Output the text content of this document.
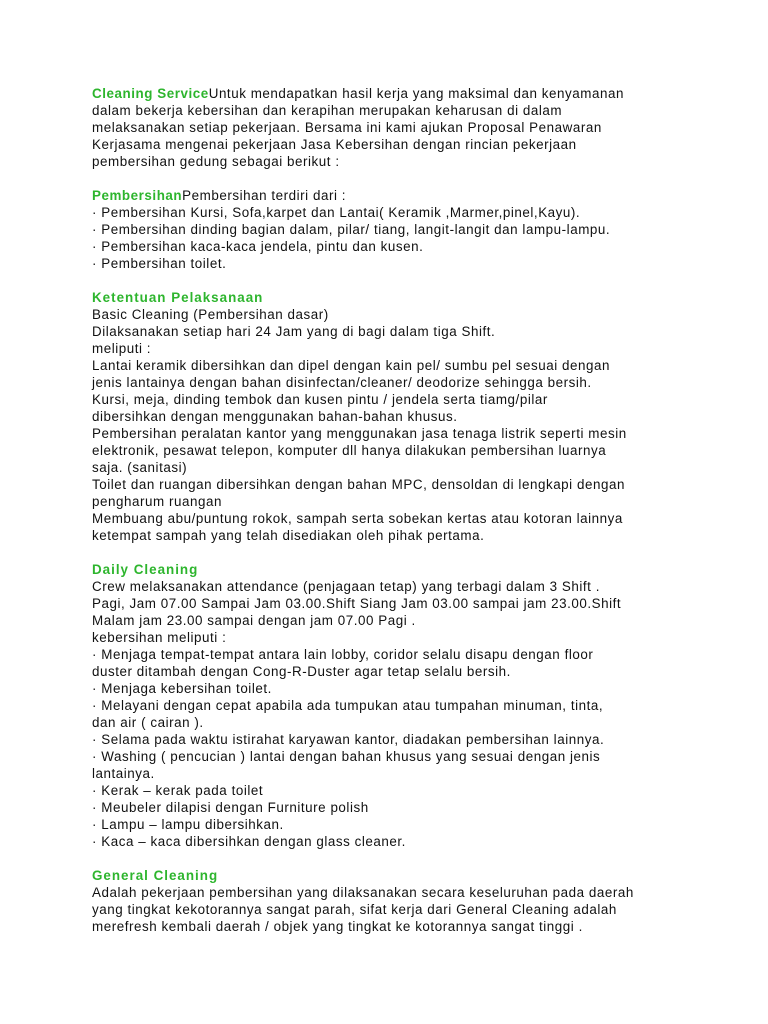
Cleaning ServiceUntuk mendapatkan hasil kerja yang maksimal dan kenyamanan
dalam bekerja kebersihan dan kerapihan merupakan keharusan di dalam
melaksanakan setiap pekerjaan. Bersama ini kami ajukan Proposal Penawaran
Kerjasama mengenai pekerjaan Jasa Kebersihan dengan rincian pekerjaan
pembersihan gedung sebagai berikut :
PembersihanPembersihan terdiri dari :
· Pembersihan Kursi, Sofa,karpet dan Lantai( Keramik ,Marmer,pinel,Kayu).
· Pembersihan dinding bagian dalam, pilar/ tiang, langit-langit dan lampu-lampu.
· Pembersihan kaca-kaca jendela, pintu dan kusen.
· Pembersihan toilet.
Ketentuan Pelaksanaan
Basic Cleaning (Pembersihan dasar)
Dilaksanakan setiap hari 24 Jam yang di bagi dalam tiga Shift.
meliputi :
Lantai keramik dibersihkan dan dipel dengan kain pel/ sumbu pel sesuai dengan
jenis lantainya dengan bahan disinfectan/cleaner/ deodorize sehingga bersih.
Kursi, meja, dinding tembok dan kusen pintu / jendela serta tiamg/pilar
dibersihkan dengan menggunakan bahan-bahan khusus.
Pembersihan peralatan kantor yang menggunakan jasa tenaga listrik seperti mesin
elektronik, pesawat telepon, komputer dll hanya dilakukan pembersihan luarnya
saja. (sanitasi)
Toilet dan ruangan dibersihkan dengan bahan MPC, densoldan di lengkapi dengan
pengharum ruangan
Membuang abu/puntung rokok, sampah serta sobekan kertas atau kotoran lainnya
ketempat sampah yang telah disediakan oleh pihak pertama.
Daily Cleaning
Crew melaksanakan attendance (penjagaan tetap) yang terbagi dalam 3 Shift .
Pagi, Jam 07.00 Sampai Jam 03.00.Shift Siang Jam 03.00 sampai jam 23.00.Shift
Malam jam 23.00 sampai dengan jam 07.00 Pagi .
kebersihan meliputi :
· Menjaga tempat-tempat antara lain lobby, coridor selalu disapu dengan floor
duster ditambah dengan Cong-R-Duster agar tetap selalu bersih.
· Menjaga kebersihan toilet.
· Melayani dengan cepat apabila ada tumpukan atau tumpahan minuman, tinta,
dan air ( cairan ).
· Selama pada waktu istirahat karyawan kantor, diadakan pembersihan lainnya.
· Washing ( pencucian ) lantai dengan bahan khusus yang sesuai dengan jenis
lantainya.
· Kerak – kerak pada toilet
· Meubeler dilapisi dengan Furniture polish
· Lampu – lampu dibersihkan.
· Kaca – kaca dibersihkan dengan glass cleaner.
General Cleaning
Adalah pekerjaan pembersihan yang dilaksanakan secara keseluruhan pada daerah
yang tingkat kekotorannya sangat parah, sifat kerja dari General Cleaning adalah
merefresh kembali daerah / objek yang tingkat ke kotorannya sangat tinggi .
